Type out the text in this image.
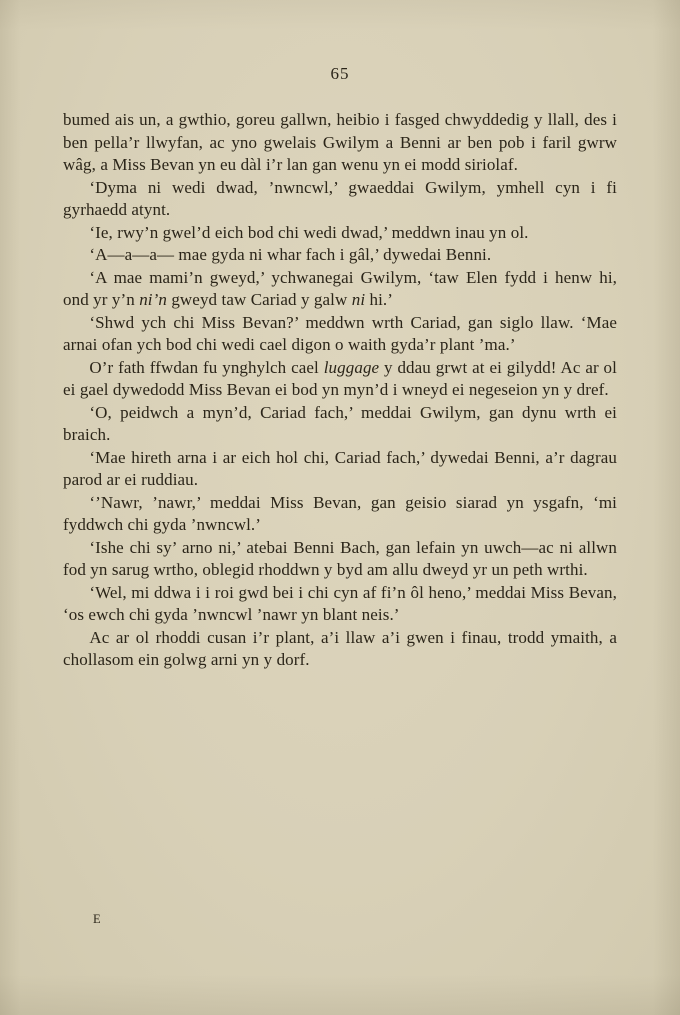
65

bumed ais un, a gwthio, goreu gallwn, heibio i fasged chwyddedig y llall, des i ben pella’r llwyfan, ac yno gwelais Gwilym a Benni ar ben pob i faril gwrw wâg, a Miss Bevan yn eu dàl i’r lan gan wenu yn ei modd siriolaf.

‘Dyma ni wedi dwad, ’nwncwl,’ gwaeddai Gwilym, ymhell cyn i fi gyrhaedd atynt.

‘Ie, rwy’n gwel’d eich bod chi wedi dwad,’ meddwn inau yn ol.

‘A—a—a— mae gyda ni whar fach i gâl,’ dywedai Benni.

‘A mae mami’n gweyd,’ ychwanegai Gwilym, ‘taw Elen fydd i henw hi, ond yr y’n ni’n gweyd taw Cariad y galw ni hi.’

‘Shwd ych chi Miss Bevan?’ meddwn wrth Cariad, gan siglo llaw. ‘Mae arnai ofan ych bod chi wedi cael digon o waith gyda’r plant ’ma.’

O’r fath ffwdan fu ynghylch cael luggage y ddau grwt at ei gilydd! Ac ar ol ei gael dywedodd Miss Bevan ei bod yn myn’d i wneyd ei negeseion yn y dref.

‘O, peidwch a myn’d, Cariad fach,’ meddai Gwilym, gan dynu wrth ei braich.

‘Mae hireth arna i ar eich hol chi, Cariad fach,’ dywedai Benni, a’r dagrau parod ar ei ruddiau.

‘’Nawr, ’nawr,’ meddai Miss Bevan, gan geisio siarad yn ysgafn, ‘mi fyddwch chi gyda ’nwncwl.’

‘Ishe chi sy’ arno ni,’ atebai Benni Bach, gan lefain yn uwch—ac ni allwn fod yn sarug wrtho, oblegid rhoddwn y byd am allu dweyd yr un peth wrthi.

‘Wel, mi ddwa i i roi gwd bei i chi cyn af fi’n ôl heno,’ meddai Miss Bevan, ‘os ewch chi gyda ’nwncwl ’nawr yn blant neis.’

Ac ar ol rhoddi cusan i’r plant, a’i llaw a’i gwen i finau, trodd ymaith, a chollasom ein golwg arni yn y dorf.

E
